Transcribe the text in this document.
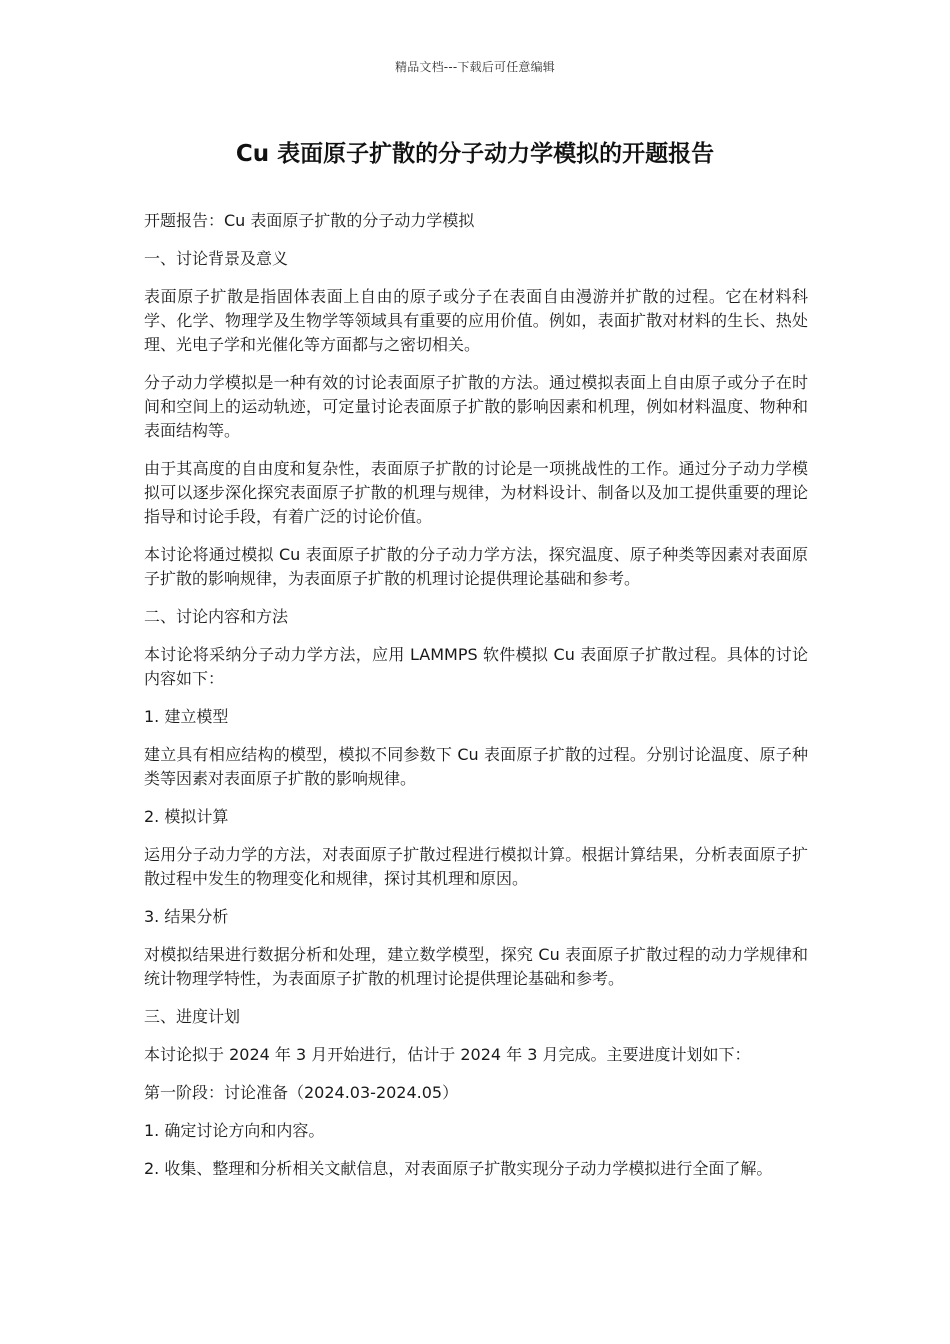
精品文档---下载后可任意编辑
Cu 表面原子扩散的分子动力学模拟的开题报告

开题报告：Cu 表面原子扩散的分子动力学模拟

一、讨论背景及意义

表面原子扩散是指固体表面上自由的原子或分子在表面自由漫游并扩散的过程。它在材料科学、化学、物理学及生物学等领域具有重要的应用价值。例如，表面扩散对材料的生长、热处理、光电子学和光催化等方面都与之密切相关。

分子动力学模拟是一种有效的讨论表面原子扩散的方法。通过模拟表面上自由原子或分子在时间和空间上的运动轨迹，可定量讨论表面原子扩散的影响因素和机理，例如材料温度、物种和表面结构等。

由于其高度的自由度和复杂性，表面原子扩散的讨论是一项挑战性的工作。通过分子动力学模拟可以逐步深化探究表面原子扩散的机理与规律，为材料设计、制备以及加工提供重要的理论指导和讨论手段，有着广泛的讨论价值。

本讨论将通过模拟 Cu 表面原子扩散的分子动力学方法，探究温度、原子种类等因素对表面原子扩散的影响规律，为表面原子扩散的机理讨论提供理论基础和参考。

二、讨论内容和方法

本讨论将采纳分子动力学方法，应用 LAMMPS 软件模拟 Cu 表面原子扩散过程。具体的讨论内容如下：

1. 建立模型

建立具有相应结构的模型，模拟不同参数下 Cu 表面原子扩散的过程。分别讨论温度、原子种类等因素对表面原子扩散的影响规律。

2. 模拟计算

运用分子动力学的方法，对表面原子扩散过程进行模拟计算。根据计算结果，分析表面原子扩散过程中发生的物理变化和规律，探讨其机理和原因。

3. 结果分析

对模拟结果进行数据分析和处理，建立数学模型，探究 Cu 表面原子扩散过程的动力学规律和统计物理学特性，为表面原子扩散的机理讨论提供理论基础和参考。

三、进度计划

本讨论拟于 2024 年 3 月开始进行，估计于 2024 年 3 月完成。主要进度计划如下：

第一阶段：讨论准备（2024.03-2024.05）

1. 确定讨论方向和内容。

2. 收集、整理和分析相关文献信息，对表面原子扩散实现分子动力学模拟进行全面了解。
